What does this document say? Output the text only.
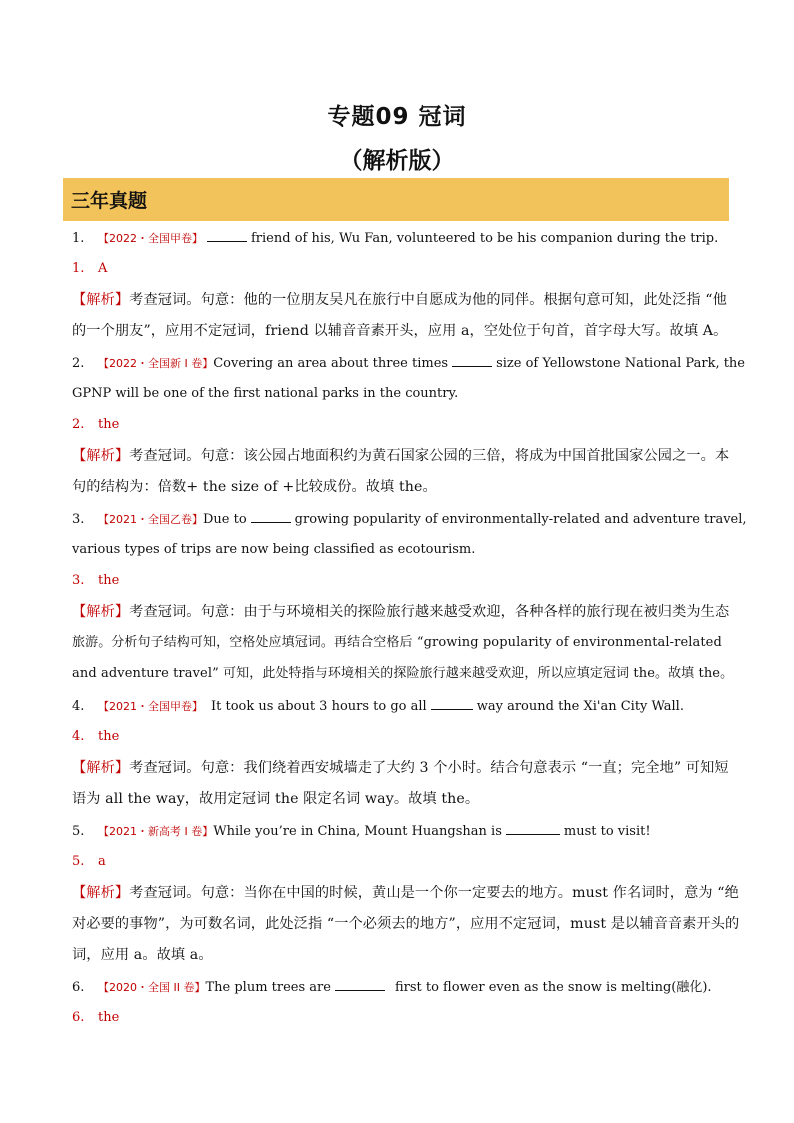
专题09 冠词
（解析版）
三年真题
1. 【2022・全国甲卷】	friend of his, Wu Fan, volunteered to be his companion during the trip.
1. A
【解析】考查冠词。句意：他的一位朋友吴凡在旅行中自愿成为他的同伴。根据句意可知，此处泛指 “他
的一个朋友”，应用不定冠词，friend 以辅音音素开头，应用 a，空处位于句首，首字母大写。故填 A。
2. 【2022・全国新 I 卷】Covering an area about three times	size of Yellowstone National Park, the
GPNP will be one of the first national parks in the country.
2. the
【解析】考查冠词。句意：该公园占地面积约为黄石国家公园的三倍，将成为中国首批国家公园之一。本
句的结构为：倍数+ the size of +比较成份。故填 the。
3. 【2021・全国乙卷】Due to	growing popularity of environmentally-related and adventure travel,
various types of trips are now being classified as ecotourism.
3. the
【解析】考查冠词。句意：由于与环境相关的探险旅行越来越受欢迎，各种各样的旅行现在被归类为生态
旅游。分析句子结构可知，空格处应填冠词。再结合空格后 “growing popularity of environmental-related
and adventure travel” 可知，此处特指与环境相关的探险旅行越来越受欢迎，所以应填定冠词 the。故填 the。
4. 【2021・全国甲卷】 It took us about 3 hours to go all	way around the Xi'an City Wall.
4. the
【解析】考查冠词。句意：我们绕着西安城墙走了大约 3 个小时。结合句意表示 “一直；完全地” 可知短
语为 all the way，故用定冠词 the 限定名词 way。故填 the。
5. 【2021・新高考 I 卷】While you’re in China, Mount Huangshan is	must to visit!
5. a
【解析】考查冠词。句意：当你在中国的时候，黄山是一个你一定要去的地方。must 作名词时，意为 “绝
对必要的事物”，为可数名词，此处泛指 “一个必须去的地方”，应用不定冠词，must 是以辅音音素开头的
词，应用 a。故填 a。
6. 【2020・全国 II 卷】The plum trees are	first to flower even as the snow is melting(融化).
6. the
